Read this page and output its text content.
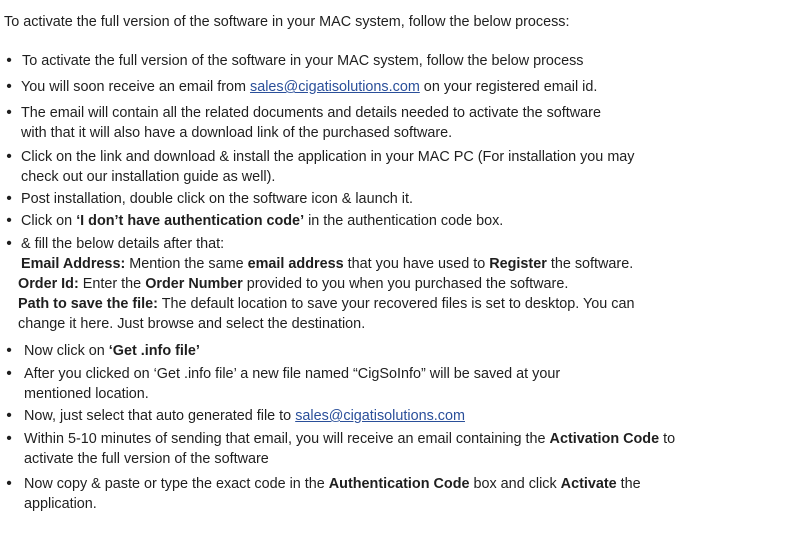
To activate the full version of the software in your MAC system, follow the below process:
• To activate the full version of the software in your MAC system, follow the below process
• You will soon receive an email from sales@cigatisolutions.com on your registered email id.
• The email will contain all the related documents and details needed to activate the software
with that it will also have a download link of the purchased software.
• Click on the link and download & install the application in your MAC PC (For installation you may
check out our installation guide as well).
• Post installation, double click on the software icon & launch it.
• Click on ‘I don’t have authentication code’ in the authentication code box.
• & fill the below details after that:
Email Address: Mention the same email address that you have used to Register the software.
Order Id: Enter the Order Number provided to you when you purchased the software.
Path to save the file: The default location to save your recovered files is set to desktop. You can
change it here. Just browse and select the destination.
• Now click on ‘Get .info file’
• After you clicked on ‘Get .info file’ a new file named “CigSoInfo” will be saved at your
mentioned location.
• Now, just select that auto generated file to sales@cigatisolutions.com
• Within 5-10 minutes of sending that email, you will receive an email containing the Activation Code to
activate the full version of the software
• Now copy & paste or type the exact code in the Authentication Code box and click Activate the
application.
